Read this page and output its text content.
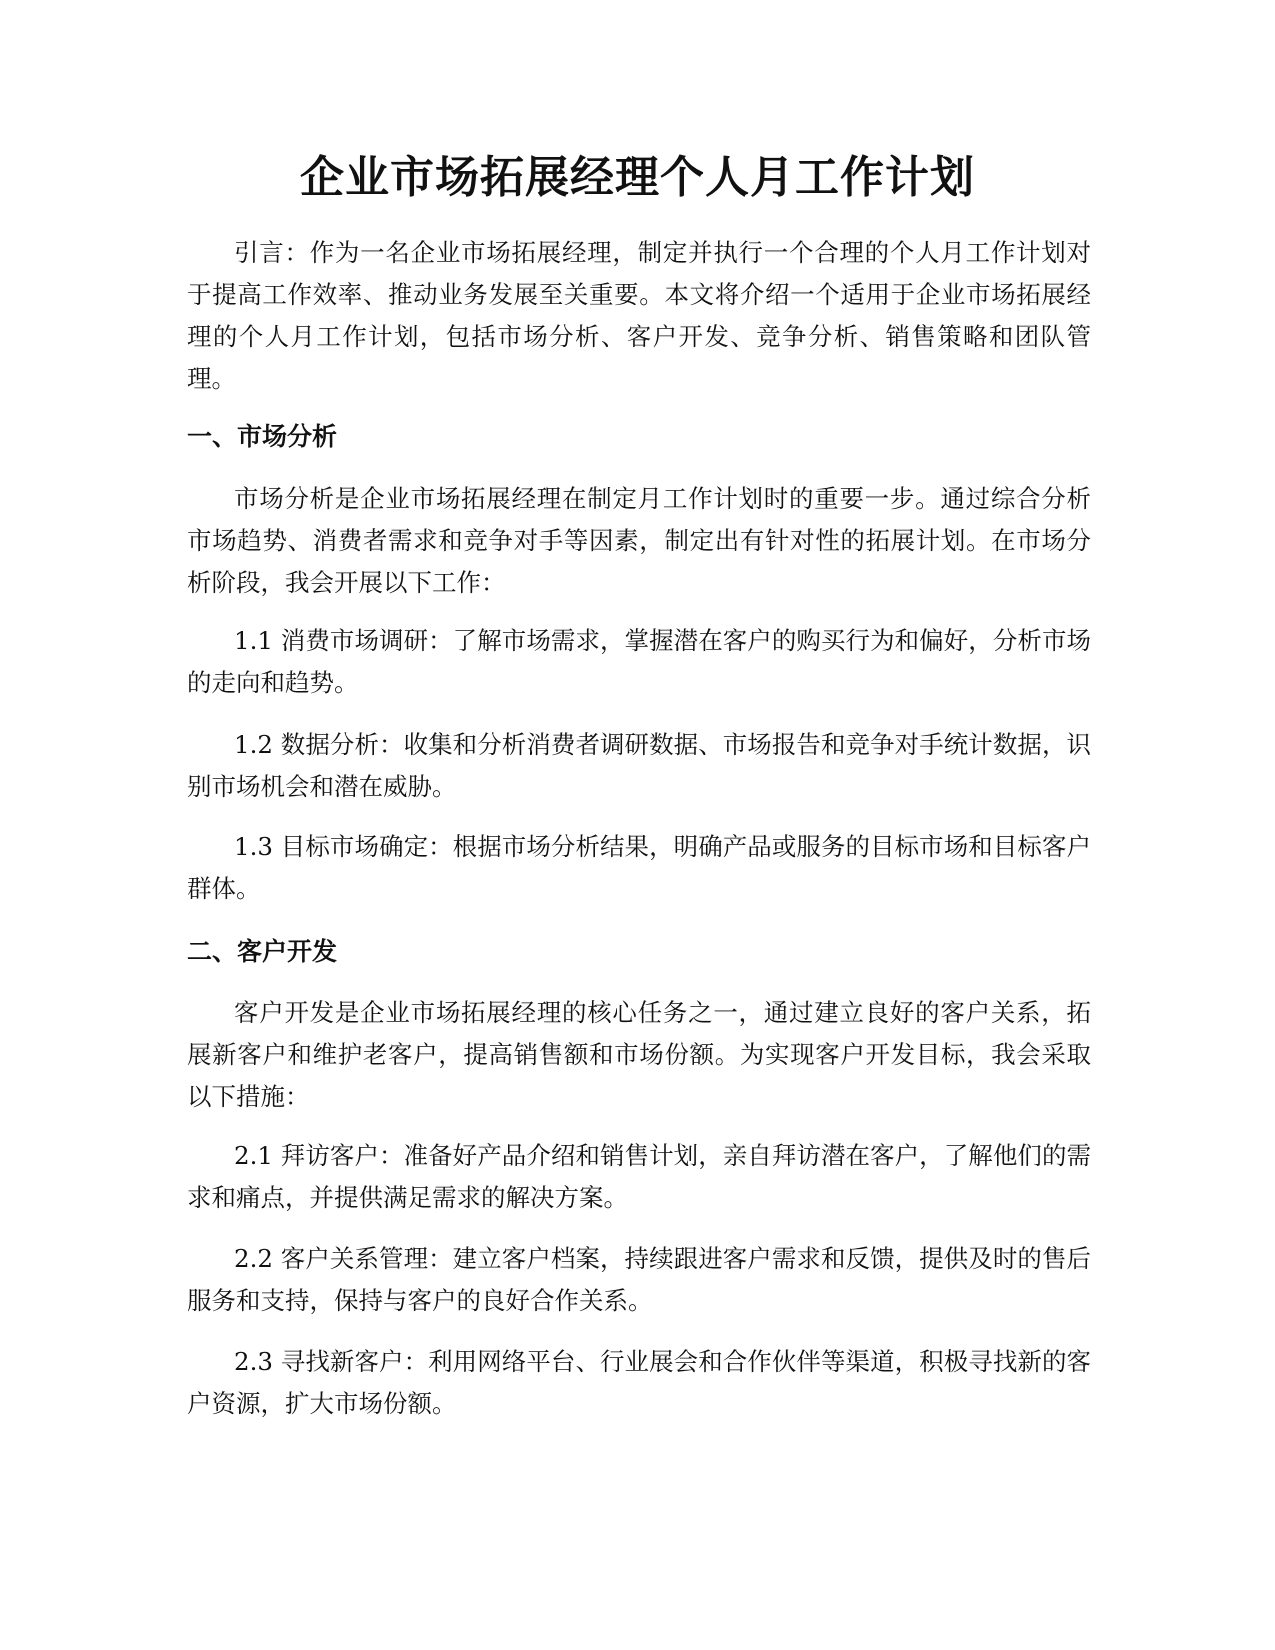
企业市场拓展经理个人月工作计划

引言：作为一名企业市场拓展经理，制定并执行一个合理的个人月工作计划对于提高工作效率、推动业务发展至关重要。本文将介绍一个适用于企业市场拓展经理的个人月工作计划，包括市场分析、客户开发、竞争分析、销售策略和团队管理。

一、市场分析

市场分析是企业市场拓展经理在制定月工作计划时的重要一步。通过综合分析市场趋势、消费者需求和竞争对手等因素，制定出有针对性的拓展计划。在市场分析阶段，我会开展以下工作：

1.1 消费市场调研：了解市场需求，掌握潜在客户的购买行为和偏好，分析市场的走向和趋势。

1.2 数据分析：收集和分析消费者调研数据、市场报告和竞争对手统计数据，识别市场机会和潜在威胁。

1.3 目标市场确定：根据市场分析结果，明确产品或服务的目标市场和目标客户群体。

二、客户开发

客户开发是企业市场拓展经理的核心任务之一，通过建立良好的客户关系，拓展新客户和维护老客户，提高销售额和市场份额。为实现客户开发目标，我会采取以下措施：

2.1 拜访客户：准备好产品介绍和销售计划，亲自拜访潜在客户，了解他们的需求和痛点，并提供满足需求的解决方案。

2.2 客户关系管理：建立客户档案，持续跟进客户需求和反馈，提供及时的售后服务和支持，保持与客户的良好合作关系。

2.3 寻找新客户：利用网络平台、行业展会和合作伙伴等渠道，积极寻找新的客户资源，扩大市场份额。
